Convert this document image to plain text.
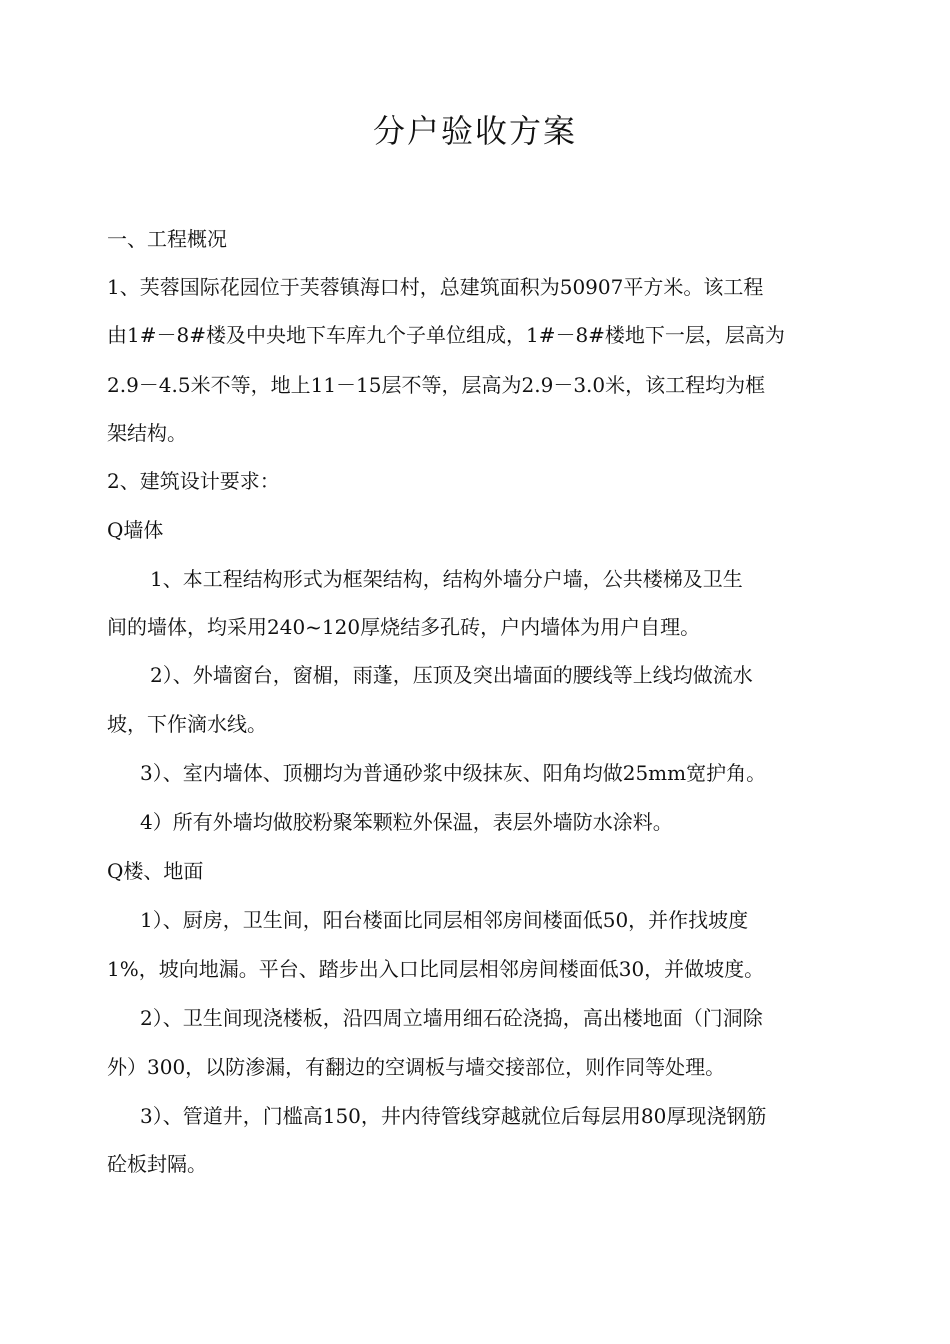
分户验收方案
一、工程概况
1、芙蓉国际花园位于芙蓉镇海口村，总建筑面积为50907平方米。该工程
由1#－8#楼及中央地下车库九个子单位组成，1#－8#楼地下一层，层高为
2.9－4.5米不等，地上11－15层不等，层高为2.9－3.0米，该工程均为框
架结构。
2、建筑设计要求：
Q墙体
1、本工程结构形式为框架结构，结构外墙分户墙，公共楼梯及卫生
间的墙体，均采用240~120厚烧结多孔砖，户内墙体为用户自理。
2）、外墙窗台，窗楣，雨蓬，压顶及突出墙面的腰线等上线均做流水
坡，下作滴水线。
3）、室内墙体、顶棚均为普通砂浆中级抹灰、阳角均做25mm宽护角。
4）所有外墙均做胶粉聚笨颗粒外保温，表层外墙防水涂料。
Q楼、地面
1）、厨房，卫生间，阳台楼面比同层相邻房间楼面低50，并作找坡度
1%，坡向地漏。平台、踏步出入口比同层相邻房间楼面低30，并做坡度。
2）、卫生间现浇楼板，沿四周立墙用细石砼浇捣，高出楼地面（门洞除
外）300，以防渗漏，有翻边的空调板与墙交接部位，则作同等处理。
3）、管道井，门槛高150，井内待管线穿越就位后每层用80厚现浇钢筋
砼板封隔。
